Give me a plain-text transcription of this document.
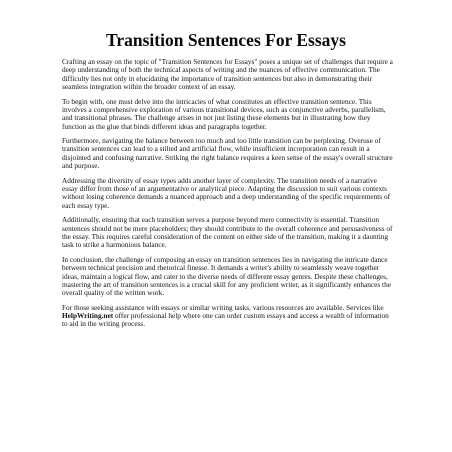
Transition Sentences For Essays

Crafting an essay on the topic of "Transition Sentences for Essays" poses a unique set of challenges that require a deep understanding of both the technical aspects of writing and the nuances of effective communication. The difficulty lies not only in elucidating the importance of transition sentences but also in demonstrating their seamless integration within the broader context of an essay.

To begin with, one must delve into the intricacies of what constitutes an effective transition sentence. This involves a comprehensive exploration of various transitional devices, such as conjunctive adverbs, parallelism, and transitional phrases. The challenge arises in not just listing these elements but in illustrating how they function as the glue that binds different ideas and paragraphs together.

Furthermore, navigating the balance between too much and too little transition can be perplexing. Overuse of transition sentences can lead to a stilted and artificial flow, while insufficient incorporation can result in a disjointed and confusing narrative. Striking the right balance requires a keen sense of the essay's overall structure and purpose.

Addressing the diversity of essay types adds another layer of complexity. The transition needs of a narrative essay differ from those of an argumentative or analytical piece. Adapting the discussion to suit various contexts without losing coherence demands a nuanced approach and a deep understanding of the specific requirements of each essay type.

Additionally, ensuring that each transition serves a purpose beyond mere connectivity is essential. Transition sentences should not be mere placeholders; they should contribute to the overall coherence and persuasiveness of the essay. This requires careful consideration of the content on either side of the transition, making it a daunting task to strike a harmonious balance.

In conclusion, the challenge of composing an essay on transition sentences lies in navigating the intricate dance between technical precision and rhetorical finesse. It demands a writer's ability to seamlessly weave together ideas, maintain a logical flow, and cater to the diverse needs of different essay genres. Despite these challenges, mastering the art of transition sentences is a crucial skill for any proficient writer, as it significantly enhances the overall quality of the written work.

For those seeking assistance with essays or similar writing tasks, various resources are available. Services like HelpWriting.net offer professional help where one can order custom essays and access a wealth of information to aid in the writing process.
